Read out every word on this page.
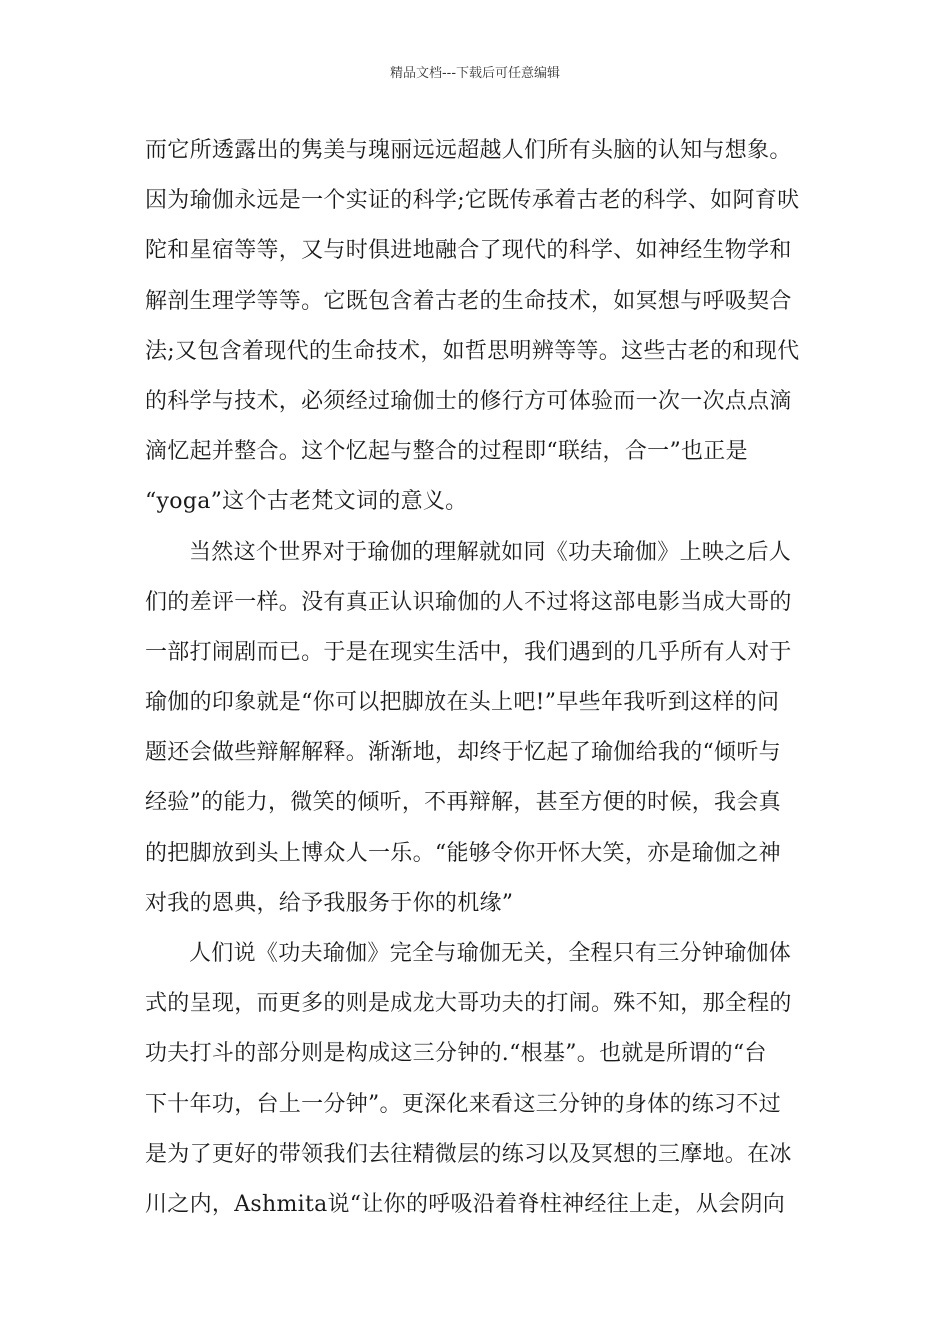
精品文档---下载后可任意编辑
而它所透露出的隽美与瑰丽远远超越人们所有头脑的认知与想象。
因为瑜伽永远是一个实证的科学;它既传承着古老的科学、如阿育吠
陀和星宿等等，又与时俱进地融合了现代的科学、如神经生物学和
解剖生理学等等。它既包含着古老的生命技术，如冥想与呼吸契合
法;又包含着现代的生命技术，如哲思明辨等等。这些古老的和现代
的科学与技术，必须经过瑜伽士的修行方可体验而一次一次点点滴
滴忆起并整合。这个忆起与整合的过程即“联结，合一”也正是
“yoga”这个古老梵文词的意义。
当然这个世界对于瑜伽的理解就如同《功夫瑜伽》上映之后人
们的差评一样。没有真正认识瑜伽的人不过将这部电影当成大哥的
一部打闹剧而已。于是在现实生活中，我们遇到的几乎所有人对于
瑜伽的印象就是“你可以把脚放在头上吧!”早些年我听到这样的问
题还会做些辩解解释。渐渐地，却终于忆起了瑜伽给我的“倾听与
经验”的能力，微笑的倾听，不再辩解，甚至方便的时候，我会真
的把脚放到头上博众人一乐。“能够令你开怀大笑，亦是瑜伽之神
对我的恩典，给予我服务于你的机缘”
人们说《功夫瑜伽》完全与瑜伽无关，全程只有三分钟瑜伽体
式的呈现，而更多的则是成龙大哥功夫的打闹。殊不知，那全程的
功夫打斗的部分则是构成这三分钟的.“根基”。也就是所谓的“台
下十年功，台上一分钟”。更深化来看这三分钟的身体的练习不过
是为了更好的带领我们去往精微层的练习以及冥想的三摩地。在冰
川之内，Ashmita说“让你的呼吸沿着脊柱神经往上走，从会阴向
